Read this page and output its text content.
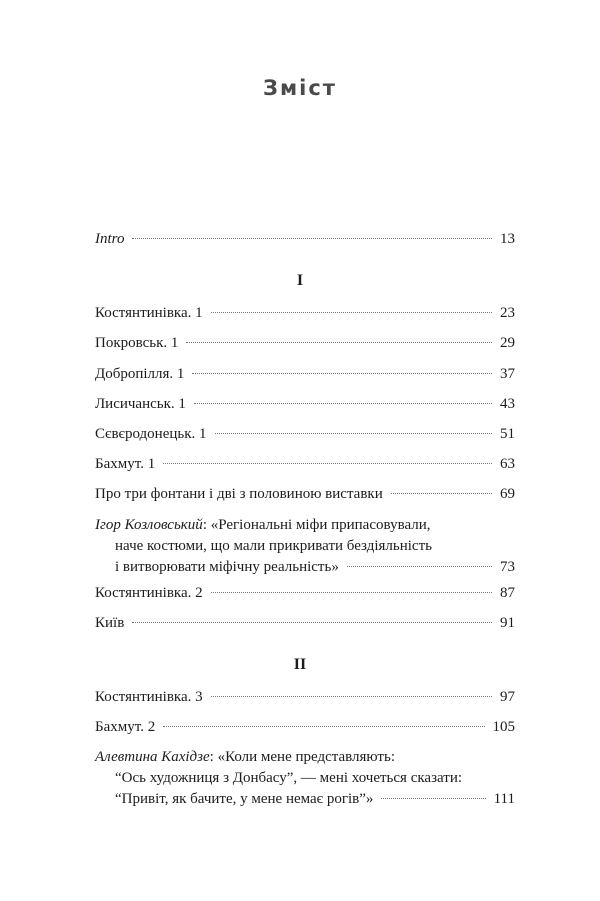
Зміст
Intro	13
I
Костянтинівка. 1	23
Покровськ. 1	29
Добропілля. 1	37
Лисичанськ. 1	43
Сєвєродонецьк. 1	51
Бахмут. 1	63
Про три фонтани і дві з половиною виставки	69
Ігор Козловський: «Регіональні міфи припасовували,
наче костюми, що мали прикривати бездіяльність
і витворювати міфічну реальність»	73
Костянтинівка. 2	87
Київ	91
II
Костянтинівка. 3	97
Бахмут. 2	105
Алевтина Кахідзе: «Коли мене представляють:
“Ось художниця з Донбасу”, — мені хочеться сказати:
“Привіт, як бачите, у мене немає рогів”»	111
